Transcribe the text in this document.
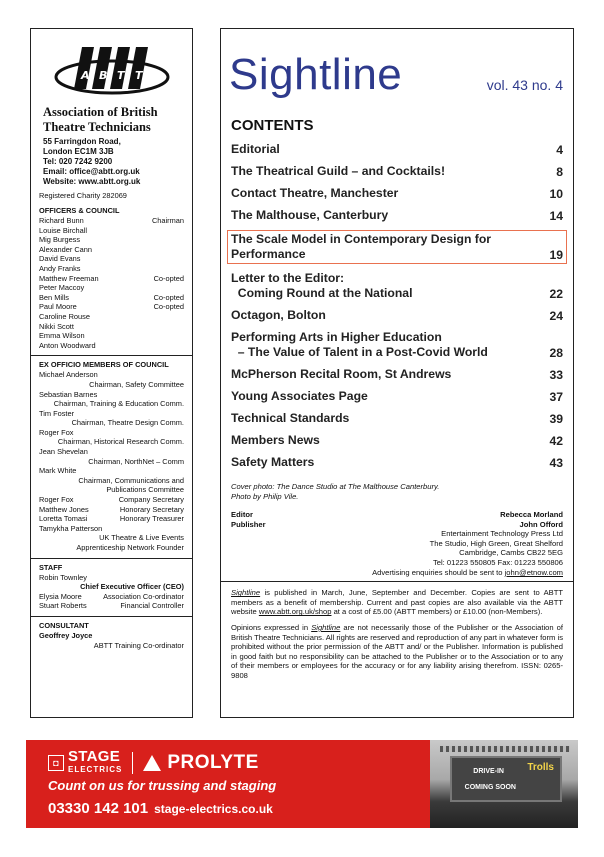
A B T T
Association of British Theatre Technicians
55 Farringdon Road,
London EC1M 3JB
Tel: 020 7242 9200
Email: office@abtt.org.uk
Website: www.abtt.org.uk
Registered Charity 282069
OFFICERS & COUNCIL
Richard Bunn	Chairman
Louise Birchall
Mig Burgess
Alexander Cann
David Evans
Andy Franks
Matthew Freeman	Co-opted
Peter Maccoy
Ben Mills	Co-opted
Paul Moore	Co-opted
Caroline Rouse
Nikki Scott
Emma Wilson
Anton Woodward
EX OFFICIO MEMBERS OF COUNCIL
Michael Anderson
Chairman, Safety Committee
Sebastian Barnes
Chairman, Training & Education Comm.
Tim Foster
Chairman, Theatre Design Comm.
Roger Fox
Chairman, Historical Research Comm.
Jean Shevelan
Chairman, NorthNet – Comm
Mark White
Chairman, Communications and Publications Committee
Roger Fox	Company Secretary
Matthew Jones	Honorary Secretary
Loretta Tomasi	Honorary Treasurer
Tamykha Patterson
UK Theatre & Live Events
Apprenticeship Network Founder
STAFF
Robin Townley
Chief Executive Officer (CEO)
Elysia Moore	Association Co-ordinator
Stuart Roberts	Financial Controller
CONSULTANT
Geoffrey Joyce
ABTT Training Co-ordinator
Sightline	vol. 43 no. 4
CONTENTS
Editorial	4
The Theatrical Guild – and Cocktails!	8
Contact Theatre, Manchester	10
The Malthouse, Canterbury	14
The Scale Model in Contemporary Design for
Performance	19
Letter to the Editor:
Coming Round at the National	22
Octagon, Bolton	24
Performing Arts in Higher Education
– The Value of Talent in a Post-Covid World	28
McPherson Recital Room, St Andrews	33
Young Associates Page	37
Technical Standards	39
Members News	42
Safety Matters	43
Cover photo: The Dance Studio at The Malthouse Canterbury.
Photo by Philip Vile.
Editor	Rebecca Morland
Publisher	John Offord
Entertainment Technology Press Ltd
The Studio, High Green, Great Shelford
Cambridge, Cambs CB22 5EG
Tel: 01223 550805 Fax: 01223 550806
Advertising enquiries should be sent to john@etnow.com

Sightline is published in March, June, September and December. Copies are sent to ABTT members as a benefit of membership. Current and past copies are also available via the ABTT website www.abtt.org.uk/shop at a cost of £5.00 (ABTT members) or £10.00 (non-Members).

Opinions expressed in Sightline are not necessarily those of the Publisher or the Association of British Theatre Technicians. All rights are reserved and reproduction of any part in whatever form is prohibited without the prior permission of the ABTT and/ or the Publisher. Information is published in good faith but no responsibility can be attached to the Publisher or to the Association or to any of their members or employees for the accuracy or for any liability arising therefrom. ISSN: 0265-9808

◘ STAGE
ELECTRICS PROLYTE
Count on us for trussing and staging
03330 142 101 stage-electrics.co.uk
DRIVE-IN Trolls
COMING SOON
